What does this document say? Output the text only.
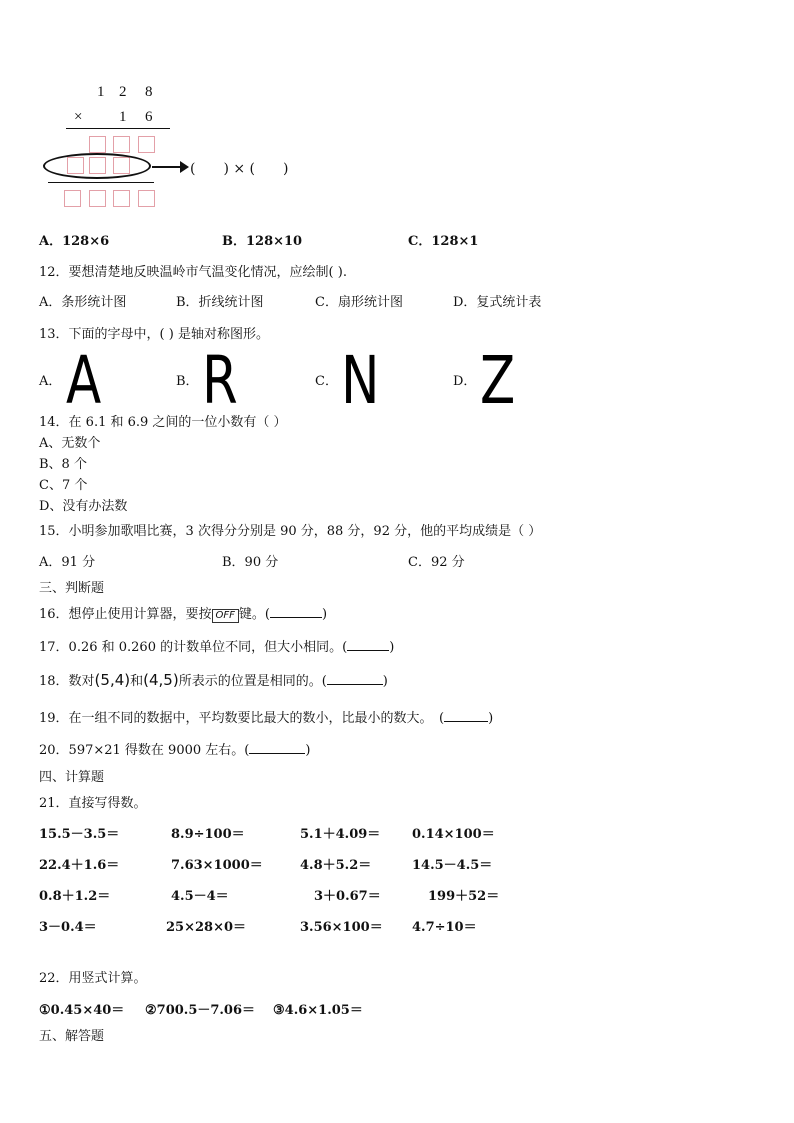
1 2 8
× 1 6
(　　) × (　　)
A．128×6	B．128×10	C．128×1
12．要想清楚地反映温岭市气温变化情况，应绘制( ).
A．条形统计图	B．折线统计图	C．扇形统计图	D．复式统计表
13．下面的字母中，( ) 是轴对称图形。
A． A	B． R	C． N	D． Z
14．在 6.1 和 6.9 之间的一位小数有（ ）
A、无数个
B、8 个
C、7 个
D、没有办法数
15．小明参加歌唱比赛，3 次得分分别是 90 分，88 分，92 分，他的平均成绩是（ ）
A．91 分	B．90 分	C．92 分
三、判断题
16．想停止使用计算器，要按 OFF 键。(	)
17．0.26 和 0.260 的计数单位不同，但大小相同。(	)
18．数对(5,4)和(4,5)所表示的位置是相同的。(	)
19．在一组不同的数据中，平均数要比最大的数小，比最小的数大。　(	)
20．597×21 得数在 9000 左右。(	)
四、计算题
21．直接写得数。
15.5－3.5＝	8.9÷100＝	5.1＋4.09＝ 0.14×100＝
22.4＋1.6＝	7.63×1000＝	4.8＋5.2＝	14.5－4.5＝
0.8＋1.2＝	4.5－4＝	3＋0.67＝	199＋52＝
3－0.4＝	25×28×0＝	3.56×100＝ 4.7÷10＝
22．用竖式计算。
①0.45×40＝ ②700.5－7.06＝ ③4.6×1.05＝
五、解答题
